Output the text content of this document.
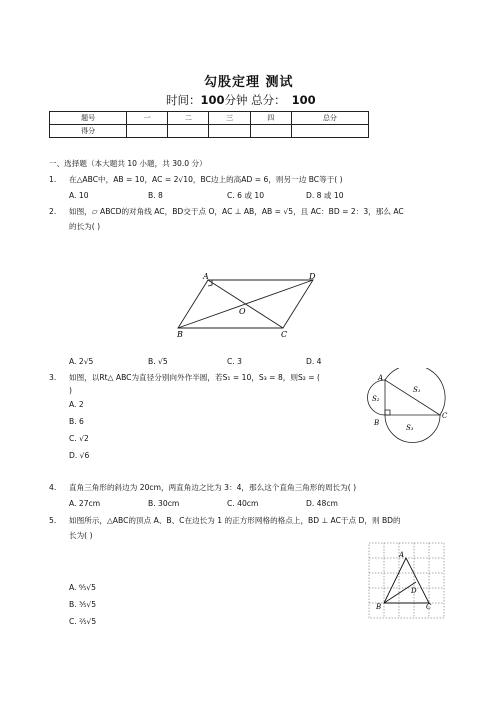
勾股定理 测试
时间：100分钟 总分： 100
题号	一	二	三	四	总分
得分					
一、选择题（本大题共 10 小题，共 30.0 分）
1. 在△ABC中，AB = 10，AC = 2√10，BC边上的高AD = 6，则另一边 BC等于( )
A. 10	B. 8	C. 6 或 10	D. 8 或 10
2. 如图，▱ ABCD的对角线 AC，BD交于点 O，AC ⊥ AB，AB = √5，且 AC：BD = 2：3，那么 AC
的长为( )
A	D
B	C
O
A. 2√5	B. √5	C. 3	D. 4
3. 如图，以Rt△ ABC为直径分别向外作半圆，若S₁ = 10，S₃ = 8，则S₂ = (
)
A. 2
B. 6
C. √2
D. √6
A
S₁
S₂
B
S₃
C
4. 直角三角形的斜边为 20cm，两直角边之比为 3：4，那么这个直角三角形的周长为( )
A. 27cm	B. 30cm	C. 40cm	D. 48cm
5. 如图所示，△ABC的顶点 A、B、C在边长为 1 的正方形网格的格点上，BD ⊥ AC于点 D，则 BD的
长为( )
A
D
B	C
A. ⁶⁄₅√5
B. ³⁄₅√5
C. ²⁄₅√5
